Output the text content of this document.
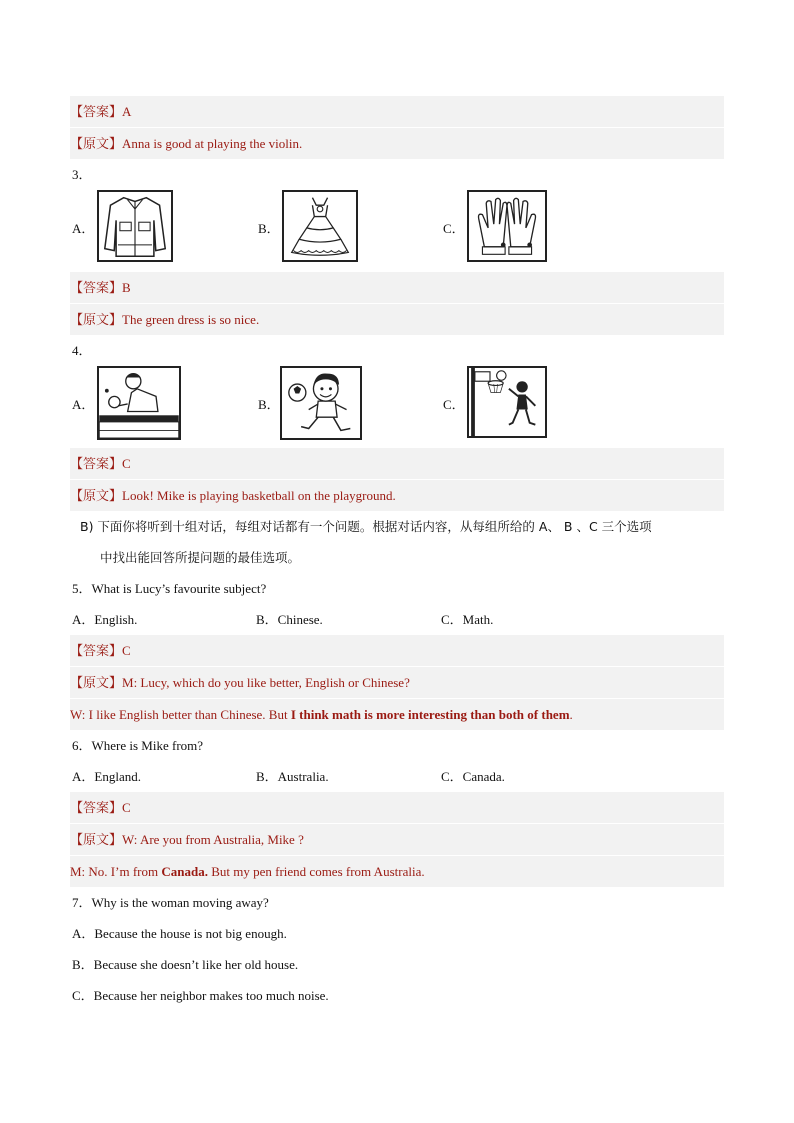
【答案】A
【原文】Anna is good at playing the violin.
3．
A．	B．	C．
【答案】B
【原文】The green dress is so nice.
4．
A．	B．	C．
【答案】C
【原文】Look! Mike is playing basketball on the playground.
B) 下面你将听到十组对话，每组对话都有一个问题。根据对话内容，从每组所给的 A、 B 、C 三个选项
中找出能回答所提问题的最佳选项。
5．What is Lucy’s favourite subject?
A．English.	B．Chinese.	C．Math.
【答案】C
【原文】M: Lucy, which do you like better, English or Chinese?
W: I like English better than Chinese. But I think math is more interesting than both of them.
6．Where is Mike from?
A．England.	B．Australia.	C．Canada.
【答案】C
【原文】W: Are you from Australia, Mike ?
M: No. I’m from Canada. But my pen friend comes from Australia.
7．Why is the woman moving away?
A．Because the house is not big enough.
B．Because she doesn’t like her old house.
C．Because her neighbor makes too much noise.
